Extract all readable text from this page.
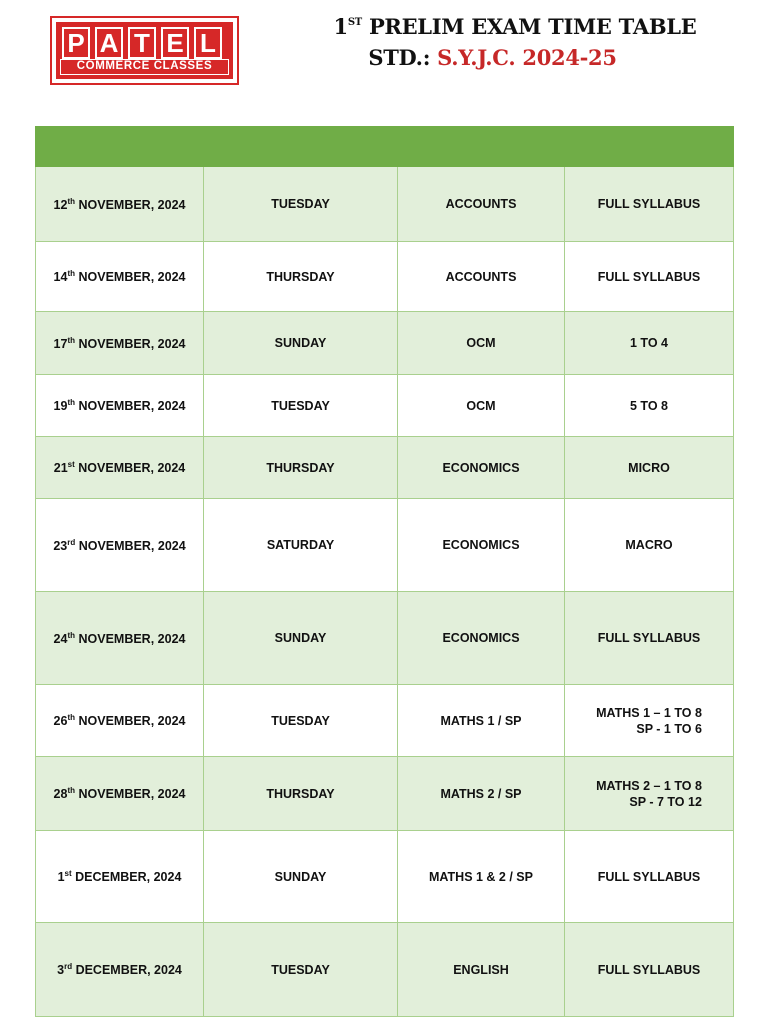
P A T E L
COMMERCE CLASSES
1ST PRELIM EXAM TIME TABLE
STD.: S.Y.J.C. 2024-25

12th NOVEMBER, 2024	TUESDAY	ACCOUNTS	FULL SYLLABUS
14th NOVEMBER, 2024	THURSDAY	ACCOUNTS	FULL SYLLABUS
17th NOVEMBER, 2024	SUNDAY	OCM	1 TO 4
19th NOVEMBER, 2024	TUESDAY	OCM	5 TO 8
21st NOVEMBER, 2024	THURSDAY	ECONOMICS	MICRO
23rd NOVEMBER, 2024	SATURDAY	ECONOMICS	MACRO
24th NOVEMBER, 2024	SUNDAY	ECONOMICS	FULL SYLLABUS
26th NOVEMBER, 2024	TUESDAY	MATHS 1 / SP	MATHS 1 – 1 TO 8
SP - 1 TO 6

28th NOVEMBER, 2024	THURSDAY	MATHS 2 / SP	MATHS 2 – 1 TO 8
SP - 7 TO 12

1st DECEMBER, 2024	SUNDAY	MATHS 1 & 2 / SP	FULL SYLLABUS
3rd DECEMBER, 2024	TUESDAY	ENGLISH	FULL SYLLABUS
